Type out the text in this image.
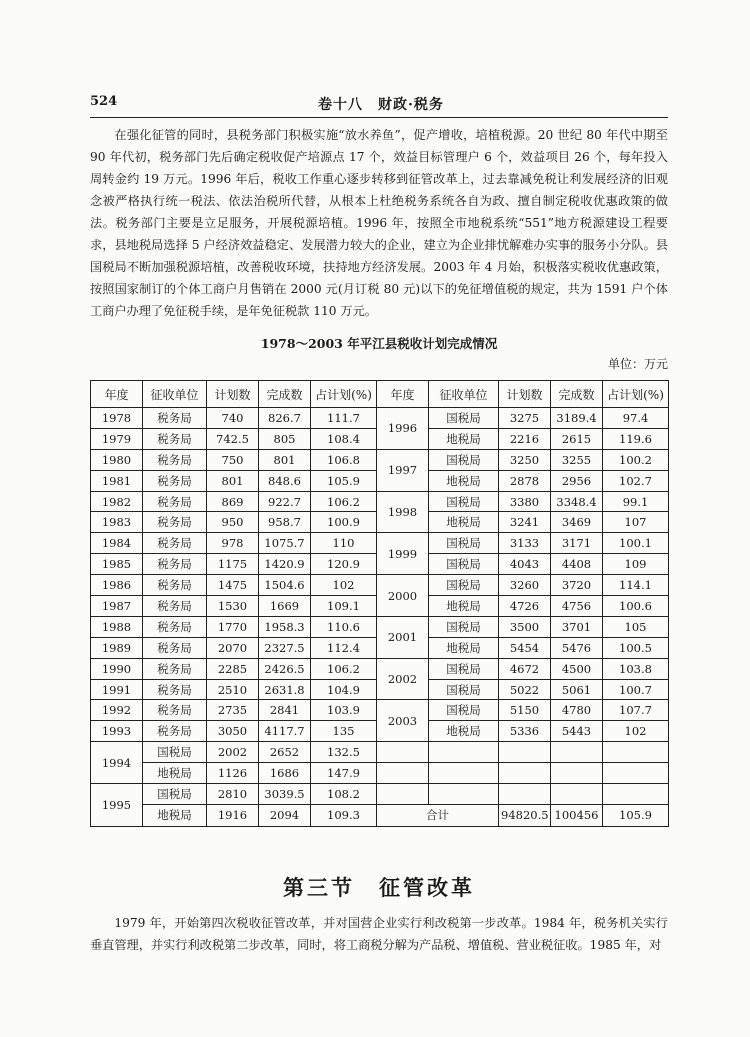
524	卷十八　财政·税务

在强化征管的同时，县税务部门积极实施“放水养鱼”，促产增收，培植税源。20 世纪 80 年代中期至 90 年代初，税务部门先后确定税收促产培源点 17 个，效益目标管理户 6 个，效益项目 26 个，每年投入周转金约 19 万元。1996 年后，税收工作重心逐步转移到征管改革上，过去靠减免税让利发展经济的旧观念被严格执行统一税法、依法治税所代替，从根本上杜绝税务系统各自为政、擅自制定税收优惠政策的做法。税务部门主要是立足服务，开展税源培植。1996 年，按照全市地税系统“551”地方税源建设工程要求，县地税局选择 5 户经济效益稳定、发展潜力较大的企业，建立为企业排忧解难办实事的服务小分队。县国税局不断加强税源培植，改善税收环境，扶持地方经济发展。2003 年 4 月始，积极落实税收优惠政策，按照国家制订的个体工商户月售销在 2000 元(月订税 80 元)以下的免征增值税的规定，共为 1591 户个体工商户办理了免征税手续，是年免征税款 110 万元。

1978～2003 年平江县税收计划完成情况
单位：万元
年度	征收单位	计划数	完成数	占计划(%)	年度	征收单位	计划数	完成数	占计划(%)
1978	税务局	740	826.7	111.7	1996	国税局	3275	3189.4	97.4
1979	税务局	742.5	805	108.4		地税局	2216	2615	119.6
1980	税务局	750	801	106.8	1997	国税局	3250	3255	100.2
1981	税务局	801	848.6	105.9		地税局	2878	2956	102.7
1982	税务局	869	922.7	106.2	1998	国税局	3380	3348.4	99.1
1983	税务局	950	958.7	100.9		地税局	3241	3469	107
1984	税务局	978	1075.7	110	1999	国税局	3133	3171	100.1
1985	税务局	1175	1420.9	120.9		国税局	4043	4408	109
1986	税务局	1475	1504.6	102	2000	国税局	3260	3720	114.1
1987	税务局	1530	1669	109.1		地税局	4726	4756	100.6
1988	税务局	1770	1958.3	110.6	2001	国税局	3500	3701	105
1989	税务局	2070	2327.5	112.4		地税局	5454	5476	100.5
1990	税务局	2285	2426.5	106.2	2002	国税局	4672	4500	103.8
1991	税务局	2510	2631.8	104.9		国税局	5022	5061	100.7
1992	税务局	2735	2841	103.9	2003	国税局	5150	4780	107.7
1993	税务局	3050	4117.7	135		地税局	5336	5443	102
1994	国税局	2002	2652	132.5					
	地税局	1126	1686	147.9					
1995	国税局	2810	3039.5	108.2					
	地税局	1916	2094	109.3	合计		94820.5	100456	105.9
第三节　征管改革

1979 年，开始第四次税收征管改革，并对国营企业实行利改税第一步改革。1984 年，税务机关实行垂直管理，并实行利改税第二步改革，同时，将工商税分解为产品税、增值税、营业税征收。1985 年，对
